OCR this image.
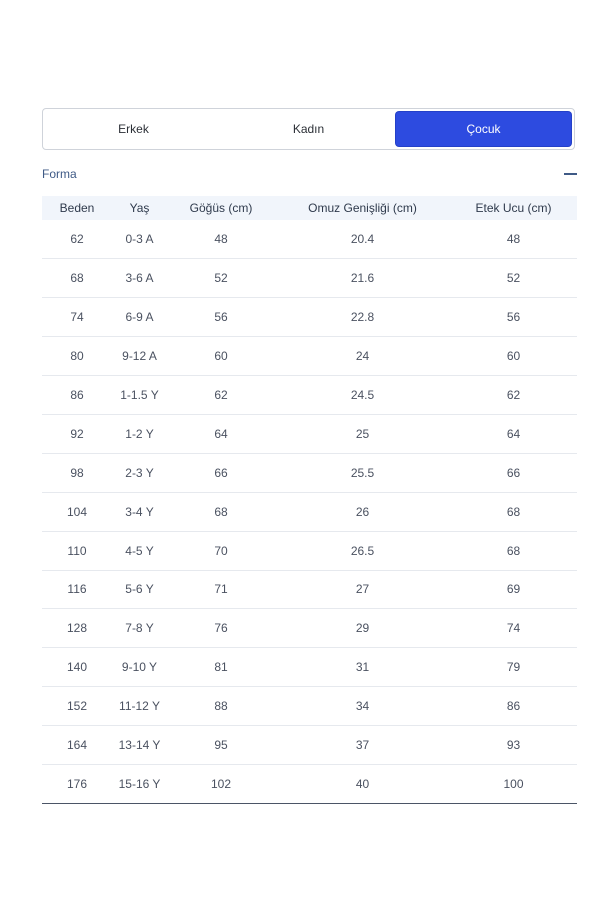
Erkek	Kadın	Çocuk
Forma
Beden	Yaş	Göğüs (cm)	Omuz Genişliği (cm)	Etek Ucu (cm)
62	0-3 A	48	20.4	48
68	3-6 A	52	21.6	52
74	6-9 A	56	22.8	56
80	9-12 A	60	24	60
86	1-1.5 Y	62	24.5	62
92	1-2 Y	64	25	64
98	2-3 Y	66	25.5	66
104	3-4 Y	68	26	68
110	4-5 Y	70	26.5	68
116	5-6 Y	71	27	69
128	7-8 Y	76	29	74
140	9-10 Y	81	31	79
152	11-12 Y	88	34	86
164	13-14 Y	95	37	93
176	15-16 Y	102	40	100
